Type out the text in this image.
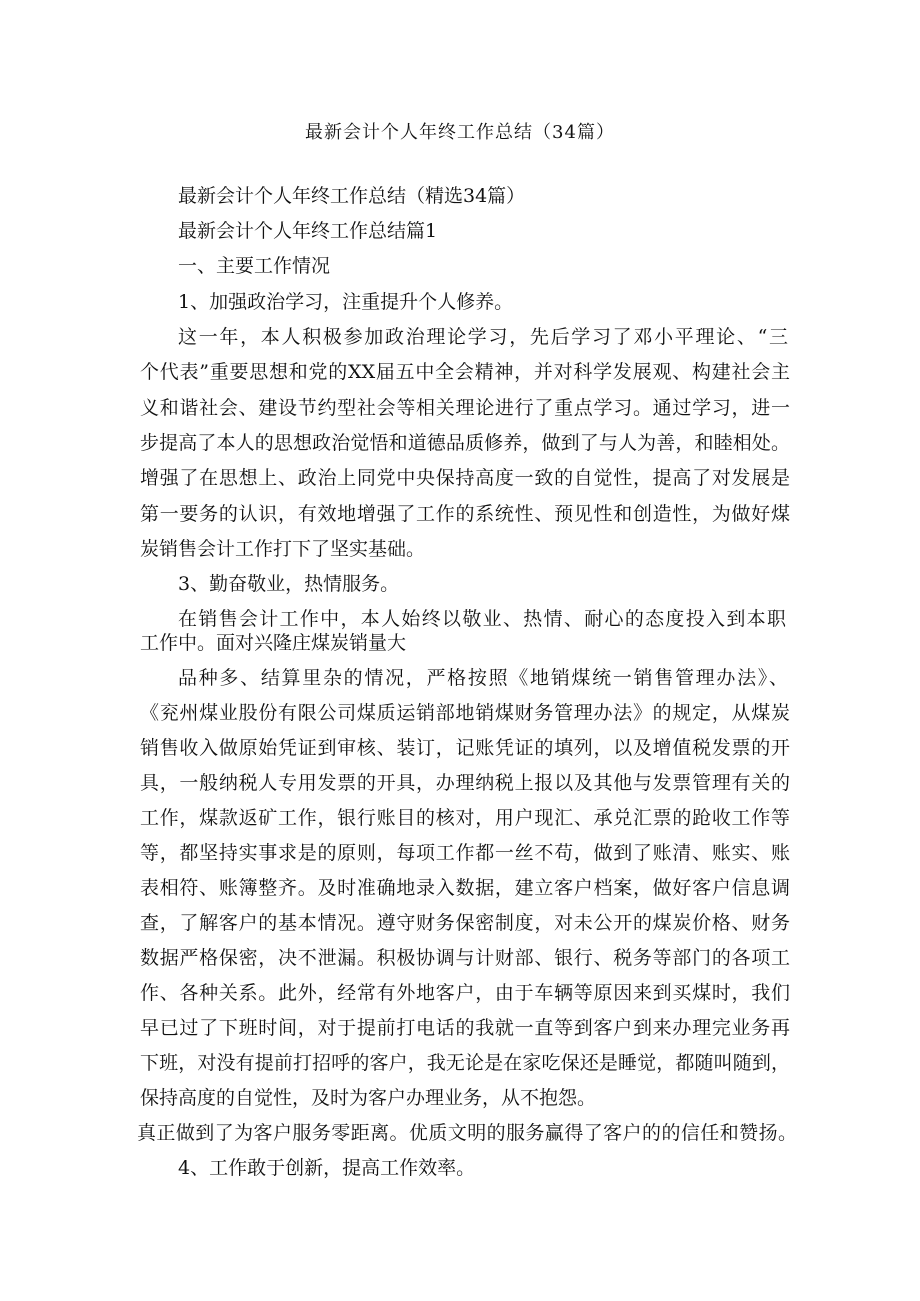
最新会计个人年终工作总结（34篇）
最新会计个人年终工作总结（精选34篇）
最新会计个人年终工作总结篇1
一、主要工作情况
1、加强政治学习，注重提升个人修养。
这一年，本人积极参加政治理论学习，先后学习了邓小平理论、“三
个代表”重要思想和党的XX届五中全会精神，并对科学发展观、构建社会主
义和谐社会、建设节约型社会等相关理论进行了重点学习。通过学习，进一
步提高了本人的思想政治觉悟和道德品质修养，做到了与人为善，和睦相处。
增强了在思想上、政治上同党中央保持高度一致的自觉性，提高了对发展是
第一要务的认识，有效地增强了工作的系统性、预见性和创造性，为做好煤
炭销售会计工作打下了坚实基础。
3、勤奋敬业，热情服务。
在销售会计工作中，本人始终以敬业、热情、耐心的态度投入到本职
工作中。面对兴隆庄煤炭销量大
品种多、结算里杂的情况，严格按照《地销煤统一销售管理办法》、
《兖州煤业股份有限公司煤质运销部地销煤财务管理办法》的规定，从煤炭
销售收入做原始凭证到审核、装订，记账凭证的填列，以及增值税发票的开
具，一般纳税人专用发票的开具，办理纳税上报以及其他与发票管理有关的
工作，煤款返矿工作，银行账目的核对，用户现汇、承兑汇票的跄收工作等
等，都坚持实事求是的原则，每项工作都一丝不苟，做到了账清、账实、账
表相符、账簿整齐。及时准确地录入数据，建立客户档案，做好客户信息调
查，了解客户的基本情况。遵守财务保密制度，对未公开的煤炭价格、财务
数据严格保密，决不泄漏。积极协调与计财部、银行、税务等部门的各项工
作、各种关系。此外，经常有外地客户，由于车辆等原因来到买煤时，我们
早已过了下班时间，对于提前打电话的我就一直等到客户到来办理完业务再
下班，对没有提前打招呼的客户，我无论是在家吃保还是睡觉，都随叫随到，
保持高度的自觉性，及时为客户办理业务，从不抱怨。
真正做到了为客户服务零距离。优质文明的服务赢得了客户的的信任和赞扬。
4、工作敢于创新，提高工作效率。
